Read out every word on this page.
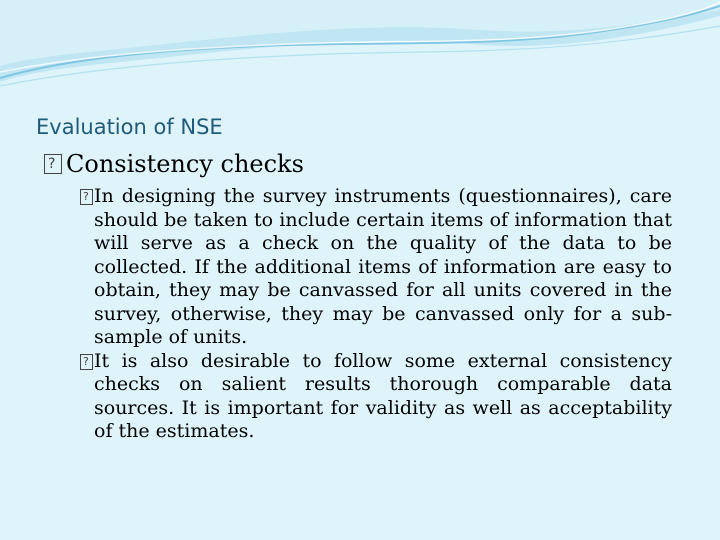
Evaluation of NSE
?
Consistency checks
?
In designing the survey instruments (questionnaires), care should be taken to include certain items of information that will serve as a check on the quality of the data to be collected. If the additional items of information are easy to obtain, they may be canvassed for all units covered in the survey, otherwise, they may be canvassed only for a sub-sample of units.
?
It is also desirable to follow some external consistency checks on salient results thorough comparable data sources. It is important for validity as well as acceptability of the estimates.
